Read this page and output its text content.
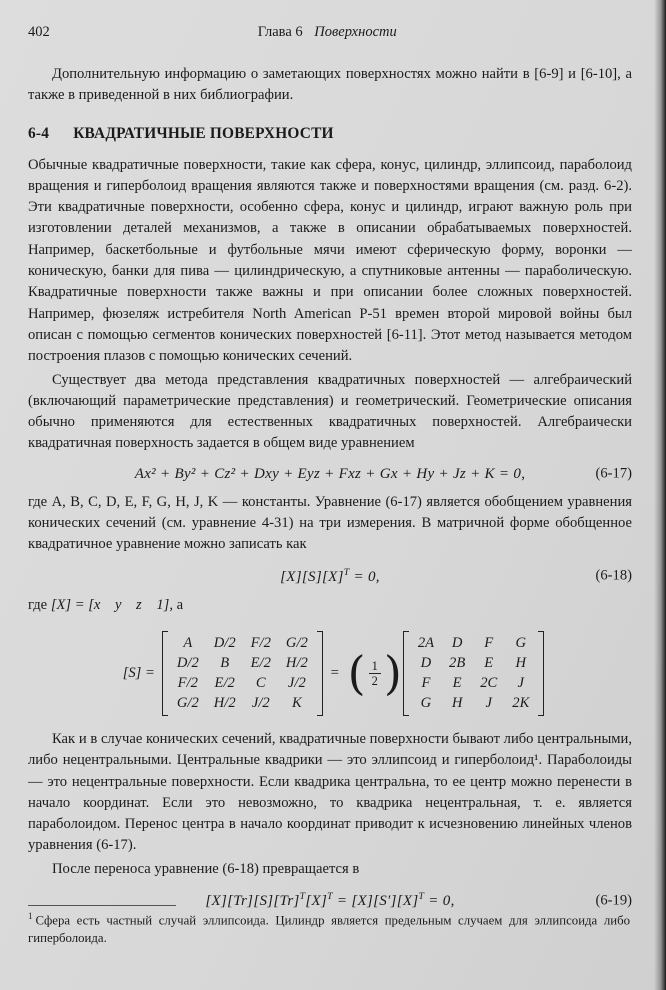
402	Глава 6 Поверхности

Дополнительную информацию о заметающих поверхностях можно найти в [6-9] и [6-10], а также в приведенной в них библиографии.

6-4 КВАДРАТИЧНЫЕ ПОВЕРХНОСТИ

Обычные квадратичные поверхности, такие как сфера, конус, цилиндр, эллипсоид, параболоид вращения и гиперболоид вращения являются также и поверхностями вращения (см. разд. 6-2). Эти квадратичные поверхности, особенно сфера, конус и цилиндр, играют важную роль при изготовлении деталей механизмов, а также в описании обрабатываемых поверхностей. Например, баскетбольные и футбольные мячи имеют сферическую форму, воронки — коническую, банки для пива — цилиндрическую, а спутниковые антенны — параболическую. Квадратичные поверхности также важны и при описании более сложных поверхностей. Например, фюзеляж истребителя North American P-51 времен второй мировой войны был описан с помощью сегментов конических поверхностей [6-11]. Этот метод называется методом построения плазов с помощью конических сечений.

Существует два метода представления квадратичных поверхностей — алгебраический (включающий параметрические представления) и геометрический. Геометрические описания обычно применяются для естественных квадратичных поверхностей. Алгебраически квадратичная поверхность задается в общем виде уравнением

Ax² + By² + Cz² + Dxy + Eyz + Fxz + Gx + Hy + Jz + K = 0,	(6-17)

где A, B, C, D, E, F, G, H, J, K — константы. Уравнение (6-17) является обобщением уравнения конических сечений (см. уравнение 4-31) на три измерения. В матричной форме обобщенное квадратичное уравнение можно записать как

$[X][S][X]^T = 0$,	(6-18)

где [X] = [x  y  z  1], а

[S] =
A	D/2 F/2 G/2
D/2	B	E/2 H/2
F/2 E/2	C	J/2
G/2 H/2 J/2	K
= ( $\frac{1}{2}$ )
2A D F G
D 2B E H
F E 2C	J
G H	J	2K

Как и в случае конических сечений, квадратичные поверхности бывают либо центральными, либо нецентральными. Центральные квадрики — это эллипсоид и гиперболоид¹. Параболоиды — это нецентральные поверхности. Если квадрика центральна, то ее центр можно перенести в начало координат. Если это невозможно, то квадрика нецентральная, т. е. является параболоидом. Перенос центра в начало координат приводит к исчезновению линейных членов уравнения (6-17).

После переноса уравнение (6-18) превращается в

$[X][Tr][S][Tr]^T[X]^T = [X][S'][X]^T = 0$,	(6-19)

$^1$ Сфера есть частный случай эллипсоида. Цилиндр является предельным случаем для эллипсоида либо гиперболоида.
